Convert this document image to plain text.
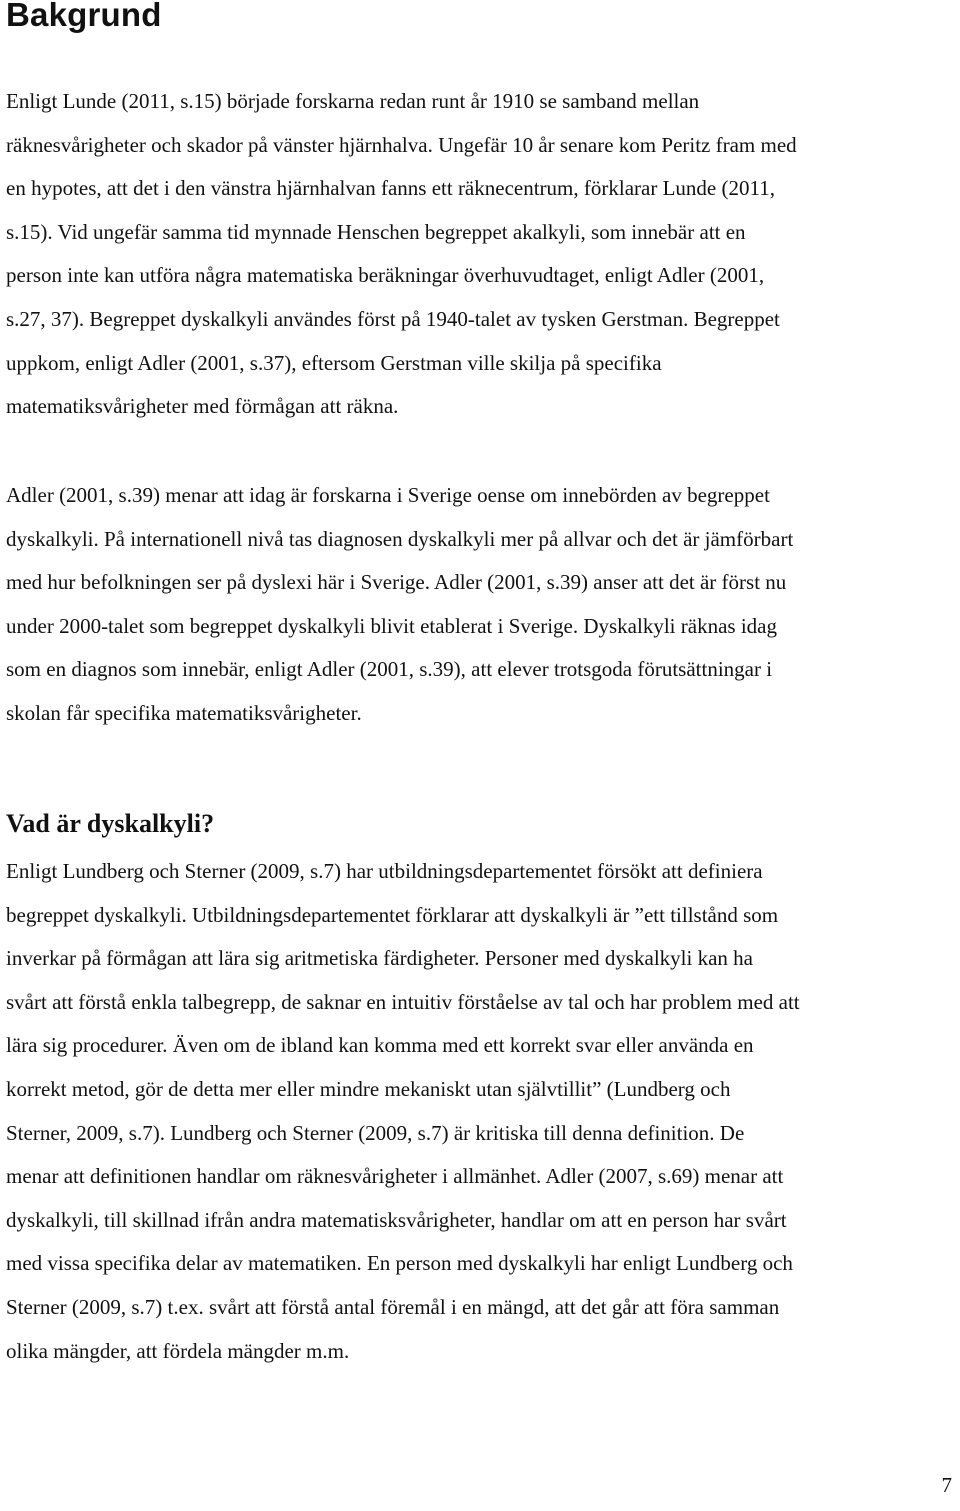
Bakgrund

Enligt Lunde (2011, s.15) började forskarna redan runt år 1910 se samband mellan
räknesvårigheter och skador på vänster hjärnhalva. Ungefär 10 år senare kom Peritz fram med
en hypotes, att det i den vänstra hjärnhalvan fanns ett räknecentrum, förklarar Lunde (2011,
s.15). Vid ungefär samma tid mynnade Henschen begreppet akalkyli, som innebär att en
person inte kan utföra några matematiska beräkningar överhuvudtaget, enligt Adler (2001,
s.27, 37). Begreppet dyskalkyli användes först på 1940-talet av tysken Gerstman. Begreppet
uppkom, enligt Adler (2001, s.37), eftersom Gerstman ville skilja på specifika
matematiksvårigheter med förmågan att räkna.

Adler (2001, s.39) menar att idag är forskarna i Sverige oense om innebörden av begreppet
dyskalkyli. På internationell nivå tas diagnosen dyskalkyli mer på allvar och det är jämförbart
med hur befolkningen ser på dyslexi här i Sverige. Adler (2001, s.39) anser att det är först nu
under 2000-talet som begreppet dyskalkyli blivit etablerat i Sverige. Dyskalkyli räknas idag
som en diagnos som innebär, enligt Adler (2001, s.39), att elever trotsgoda förutsättningar i
skolan får specifika matematiksvårigheter.

Vad är dyskalkyli?

Enligt Lundberg och Sterner (2009, s.7) har utbildningsdepartementet försökt att definiera
begreppet dyskalkyli. Utbildningsdepartementet förklarar att dyskalkyli är ”ett tillstånd som
inverkar på förmågan att lära sig aritmetiska färdigheter. Personer med dyskalkyli kan ha
svårt att förstå enkla talbegrepp, de saknar en intuitiv förståelse av tal och har problem med att
lära sig procedurer. Även om de ibland kan komma med ett korrekt svar eller använda en
korrekt metod, gör de detta mer eller mindre mekaniskt utan självtillit” (Lundberg och
Sterner, 2009, s.7). Lundberg och Sterner (2009, s.7) är kritiska till denna definition. De
menar att definitionen handlar om räknesvårigheter i allmänhet. Adler (2007, s.69) menar att
dyskalkyli, till skillnad ifrån andra matematisksvårigheter, handlar om att en person har svårt
med vissa specifika delar av matematiken. En person med dyskalkyli har enligt Lundberg och
Sterner (2009, s.7) t.ex. svårt att förstå antal föremål i en mängd, att det går att föra samman
olika mängder, att fördela mängder m.m.

7
